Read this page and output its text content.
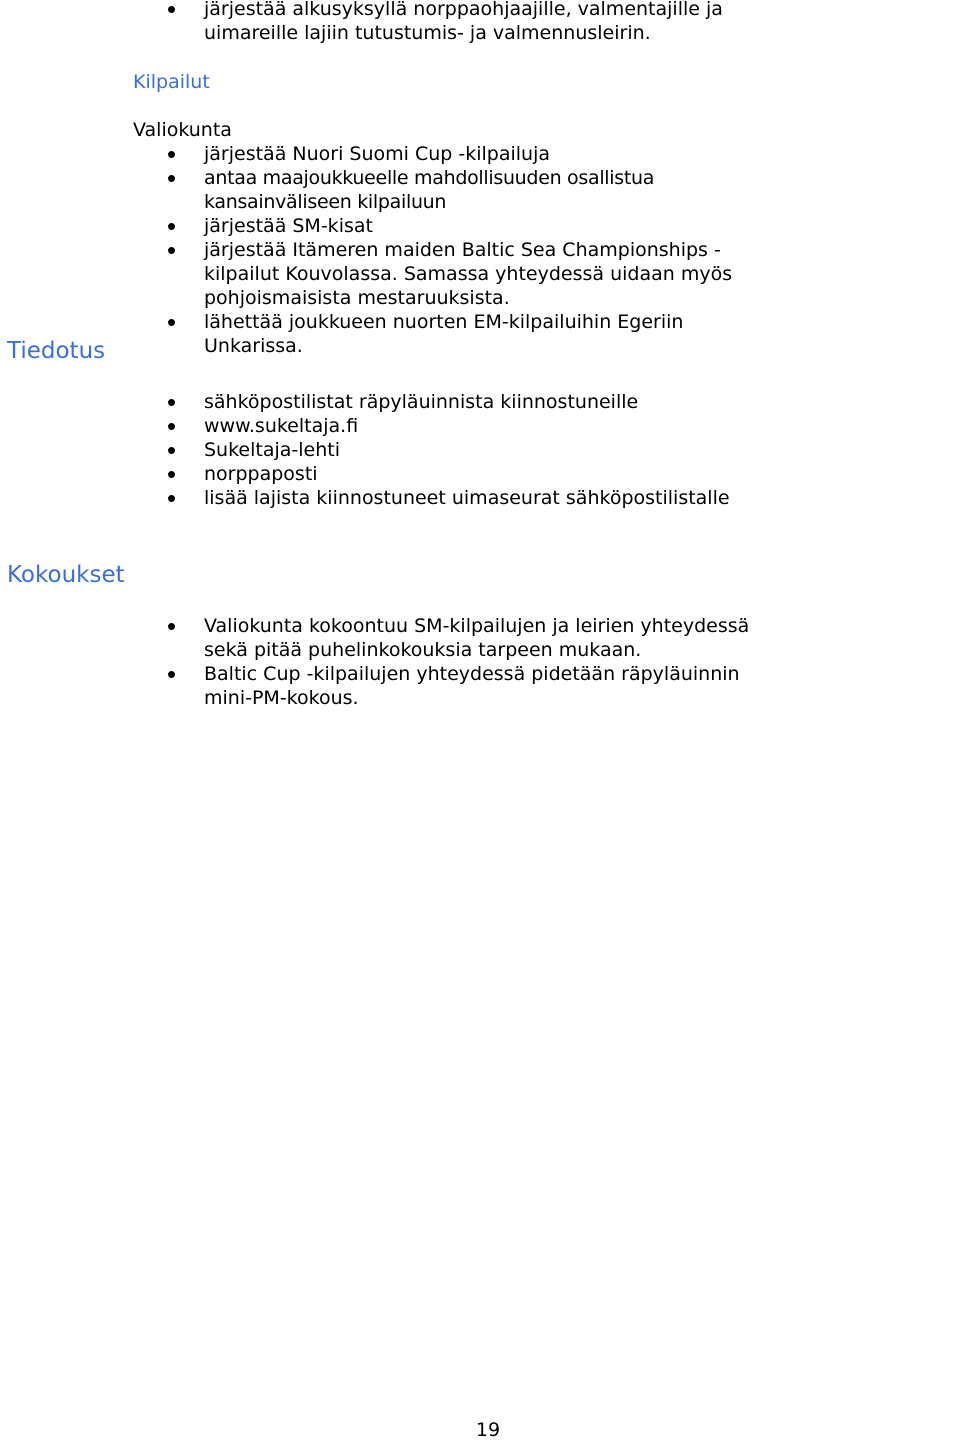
järjestää alkusyksyllä norppaohjaajille, valmentajille ja uimareille lajiin tutustumis- ja valmennusleirin.
Kilpailut
Valiokunta
järjestää Nuori Suomi Cup -kilpailuja
antaa maajoukkueelle mahdollisuuden osallistua kansainväliseen kilpailuun
järjestää SM-kisat
järjestää Itämeren maiden Baltic Sea Championships -kilpailut Kouvolassa. Samassa yhteydessä uidaan myös pohjoismaisista mestaruuksista.
lähettää joukkueen nuorten EM-kilpailuihin Egeriin Unkarissa.
Tiedotus
sähköpostilistat räpyläuinnista kiinnostuneille
www.sukeltaja.fi
Sukeltaja-lehti
norppaposti
lisää lajista kiinnostuneet uimaseurat sähköpostilistalle
Kokoukset
Valiokunta kokoontuu SM-kilpailujen ja leirien yhteydessä sekä pitää puhelinkokouksia tarpeen mukaan.
Baltic Cup -kilpailujen yhteydessä pidetään räpyläuinnin mini-PM-kokous.
19
